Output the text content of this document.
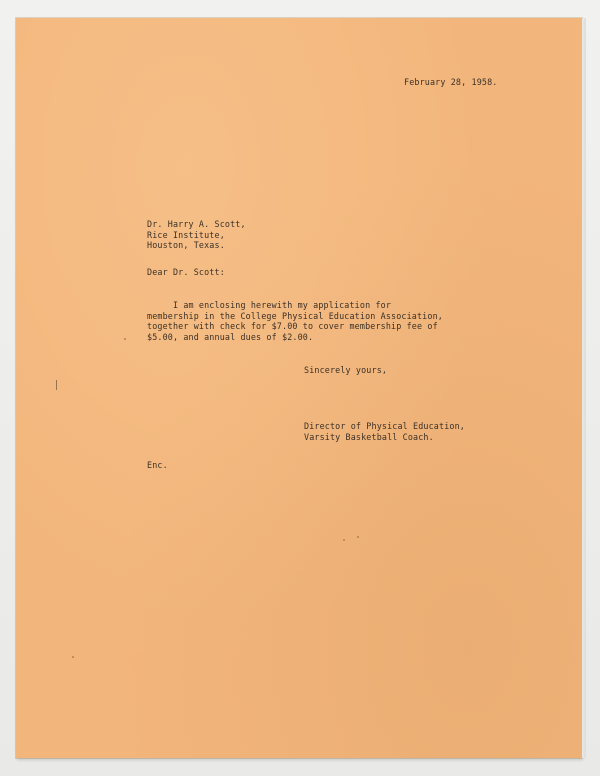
February 28, 1958.
Dr. Harry A. Scott,
Rice Institute,
Houston, Texas.
Dear Dr. Scott:
I am enclosing herewith my application for
membership in the College Physical Education Association,
together with check for $7.00 to cover membership fee of
$5.00, and annual dues of $2.00.
Sincerely yours,
Director of Physical Education,
Varsity Basketball Coach.
Enc.
